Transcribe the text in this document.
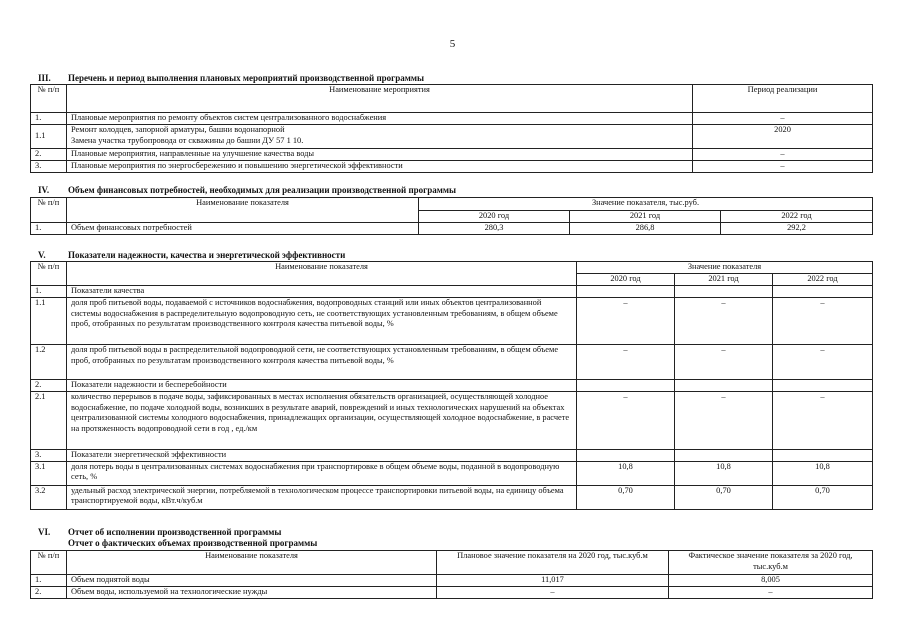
5
III. Перечень и период выполнения плановых мероприятий производственной программы
№ п/п	Наименование мероприятия	Период реализации
1.	Плановые мероприятия по ремонту объектов систем централизованного водоснабжения	–
1.1	Ремонт колодцев, запорной арматуры, башни водонапорной
Замена участка трубопровода от скважины до башни ДУ 57 1 10.	2020
2.	Плановые мероприятия, направленные на улучшение качества воды	–
3.	Плановые мероприятия по энергосбережению и повышению энергетической эффективности	–
IV. Объем финансовых потребностей, необходимых для реализации производственной программы
№ п/п	Наименование показателя	Значение показателя, тыс.руб.		
		2020 год	2021 год	2022 год
1.	Объем финансовых потребностей	280,3	286,8	292,2
V. Показатели надежности, качества и энергетической эффективности
№ п/п	Наименование показателя	Значение показателя		
		2020 год	2021 год	2022 год
1.	Показатели качества			
1.1	доля проб питьевой воды, подаваемой с источников водоснабжения, водопроводных станций или иных объектов централизованной системы водоснабжения в распределительную водопроводную сеть, не соответствующих установленным требованиям, в общем объеме проб, отобранных по результатам производственного контроля качества питьевой воды, %	–	–	–
1.2	доля проб питьевой воды в распределительной водопроводной сети, не соответствующих установленным требованиям, в общем объеме проб, отобранных по результатам производственного контроля качества питьевой воды, %	–	–	–
2.	Показатели надежности и бесперебойности			
2.1	количество перерывов в подаче воды, зафиксированных в местах исполнения обязательств организацией, осуществляющей холодное водоснабжение, по подаче холодной воды, возникших в результате аварий, повреждений и иных технологических нарушений на объектах централизованной системы холодного водоснабжения, принадлежащих организации, осуществляющей холодное водоснабжение, в расчете на протяженность водопроводной сети в год , ед./км	–	–	–
3.	Показатели энергетической эффективности			
3.1	доля потерь воды в централизованных системах водоснабжения при транспортировке в общем объеме воды, поданной в водопроводную сеть, %	10,8	10,8	10,8
3.2	удельный расход электрической энергии, потребляемой в технологическом процессе транспортировки питьевой воды, на единицу объема транспортируемой воды, кВт.ч/куб.м	0,70	0,70	0,70
VI. Отчет об исполнении производственной программы
Отчет о фактических объемах производственной программы
№ п/п	Наименование показателя	Плановое значение показателя на 2020 год, тыс.куб.м	Фактическое значение показателя за 2020 год, тыс.куб.м
1.	Объем поднятой воды	11,017	8,005
2.	Объем воды, используемой на технологические нужды	–	–
